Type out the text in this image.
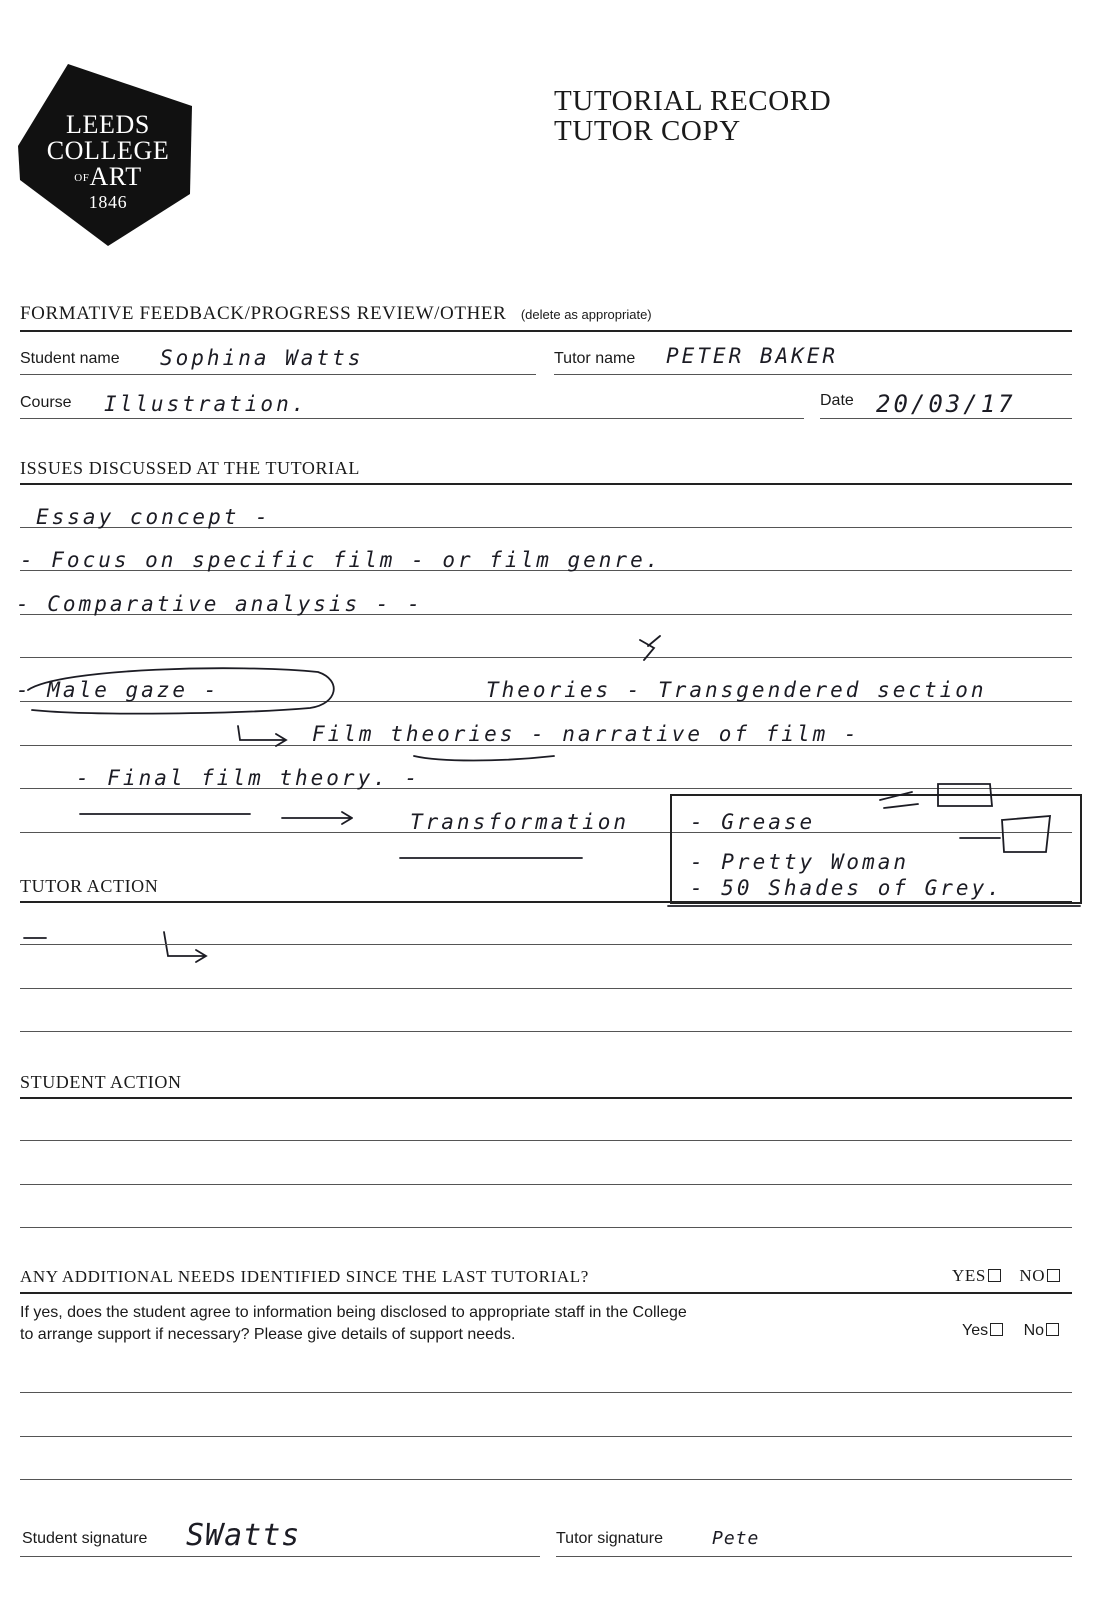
LEEDS
COLLEGE
OFART
1846
TUTORIAL RECORD
TUTOR COPY
FORMATIVE FEEDBACK/PROGRESS REVIEW/OTHER (delete as appropriate)
Student name Sophina Watts	Tutor name PETER BAKER
Course Illustration.	Date 20/03/17
ISSUES DISCUSSED AT THE TUTORIAL
Essay concept -
- Focus on specific film - or film genre.
- Comparative analysis - -
- Male gaze -	Theories - Transgendered section
Film theories - narrative of film -
- Final film theory. -
Transformation	- Grease
- Pretty Woman
- 50 Shades of Grey.
TUTOR ACTION
STUDENT ACTION
ANY ADDITIONAL NEEDS IDENTIFIED SINCE THE LAST TUTORIAL?	YES NO
If yes, does the student agree to information being disclosed to appropriate staff in the College
to arrange support if necessary? Please give details of support needs.	Yes No
Student signature SWatts	Tutor signature	Pete
